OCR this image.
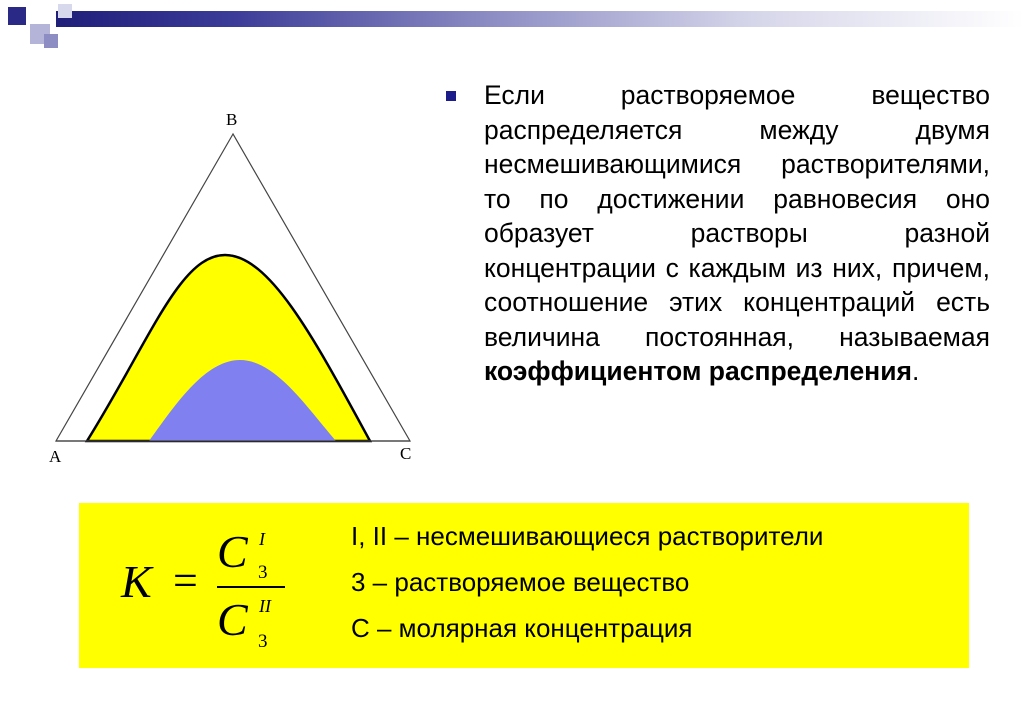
B
A	C
Если растворяемое вещество распределяется между двумя несмешивающимися растворителями, то по достижении равновесия оно образует растворы разной концентрации с каждым из них, причем, соотношение этих концентраций есть величина постоянная, называемая коэффициентом распределения.
K =
C I
3
C II
3
I, II – несмешивающиеся растворители
3 – растворяемое вещество
С – молярная концентрация
